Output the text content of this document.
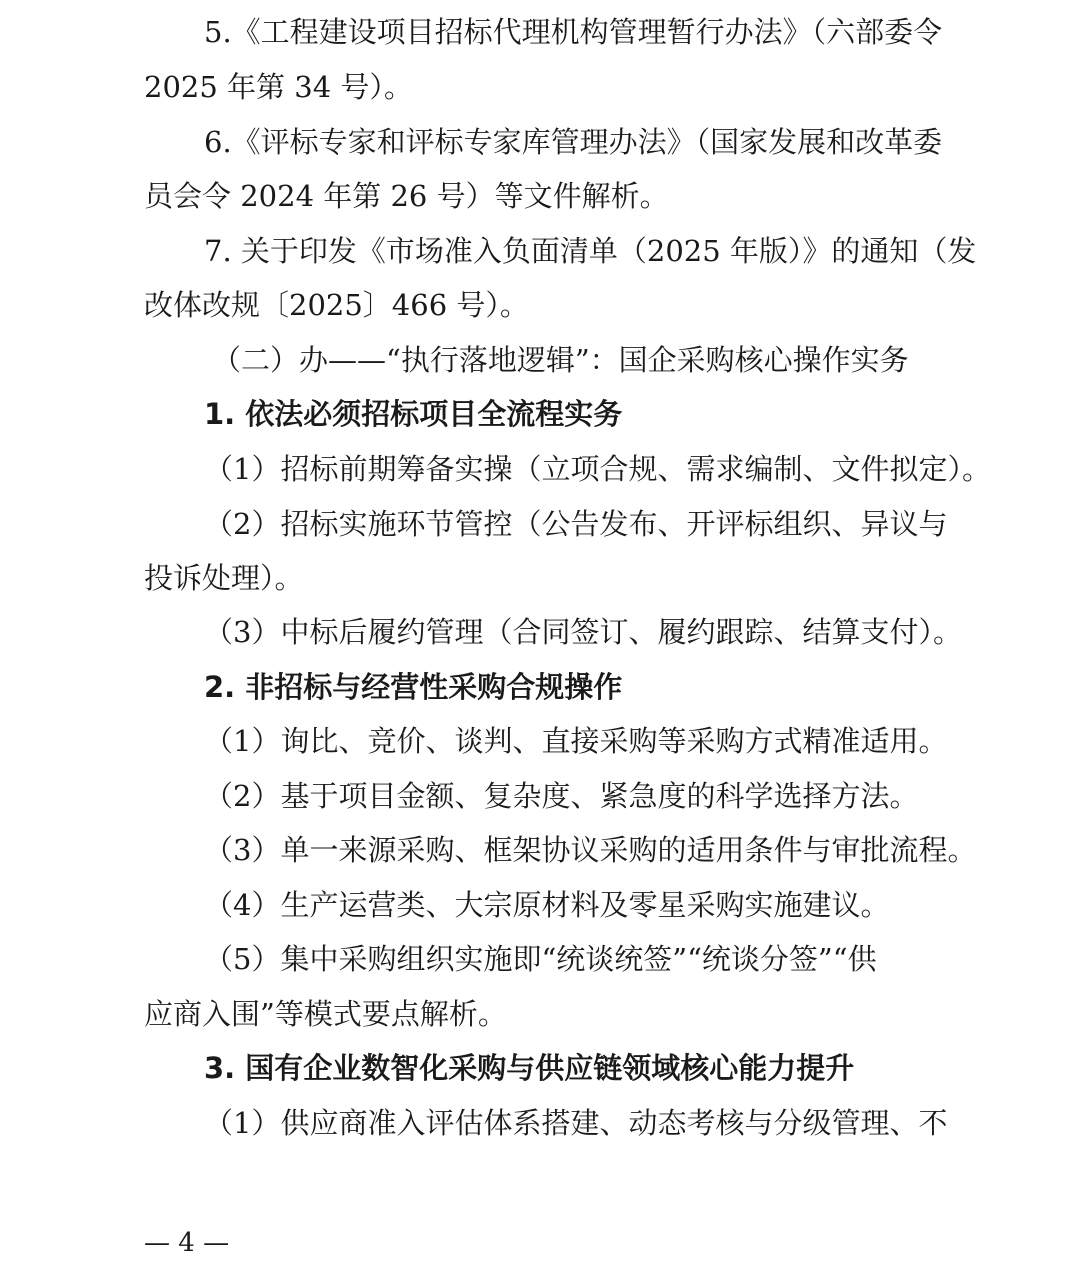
5.《工程建设项目招标代理机构管理暂行办法》（六部委令
2025 年第 34 号）。
6.《评标专家和评标专家库管理办法》（国家发展和改革委
员会令 2024 年第 26 号）等文件解析。
7. 关于印发《市场准入负面清单（2025 年版）》的通知（发
改体改规〔2025〕466 号）。
（二）办——“执行落地逻辑”：国企采购核心操作实务
1. 依法必须招标项目全流程实务
（1）招标前期筹备实操（立项合规、需求编制、文件拟定）。
（2）招标实施环节管控（公告发布、开评标组织、异议与
投诉处理）。
（3）中标后履约管理（合同签订、履约跟踪、结算支付）。
2. 非招标与经营性采购合规操作
（1）询比、竞价、谈判、直接采购等采购方式精准适用。
（2）基于项目金额、复杂度、紧急度的科学选择方法。
（3）单一来源采购、框架协议采购的适用条件与审批流程。
（4）生产运营类、大宗原材料及零星采购实施建议。
（5）集中采购组织实施即“统谈统签”“统谈分签”“供
应商入围”等模式要点解析。
3. 国有企业数智化采购与供应链领域核心能力提升
（1）供应商准入评估体系搭建、动态考核与分级管理、不
— 4 —
